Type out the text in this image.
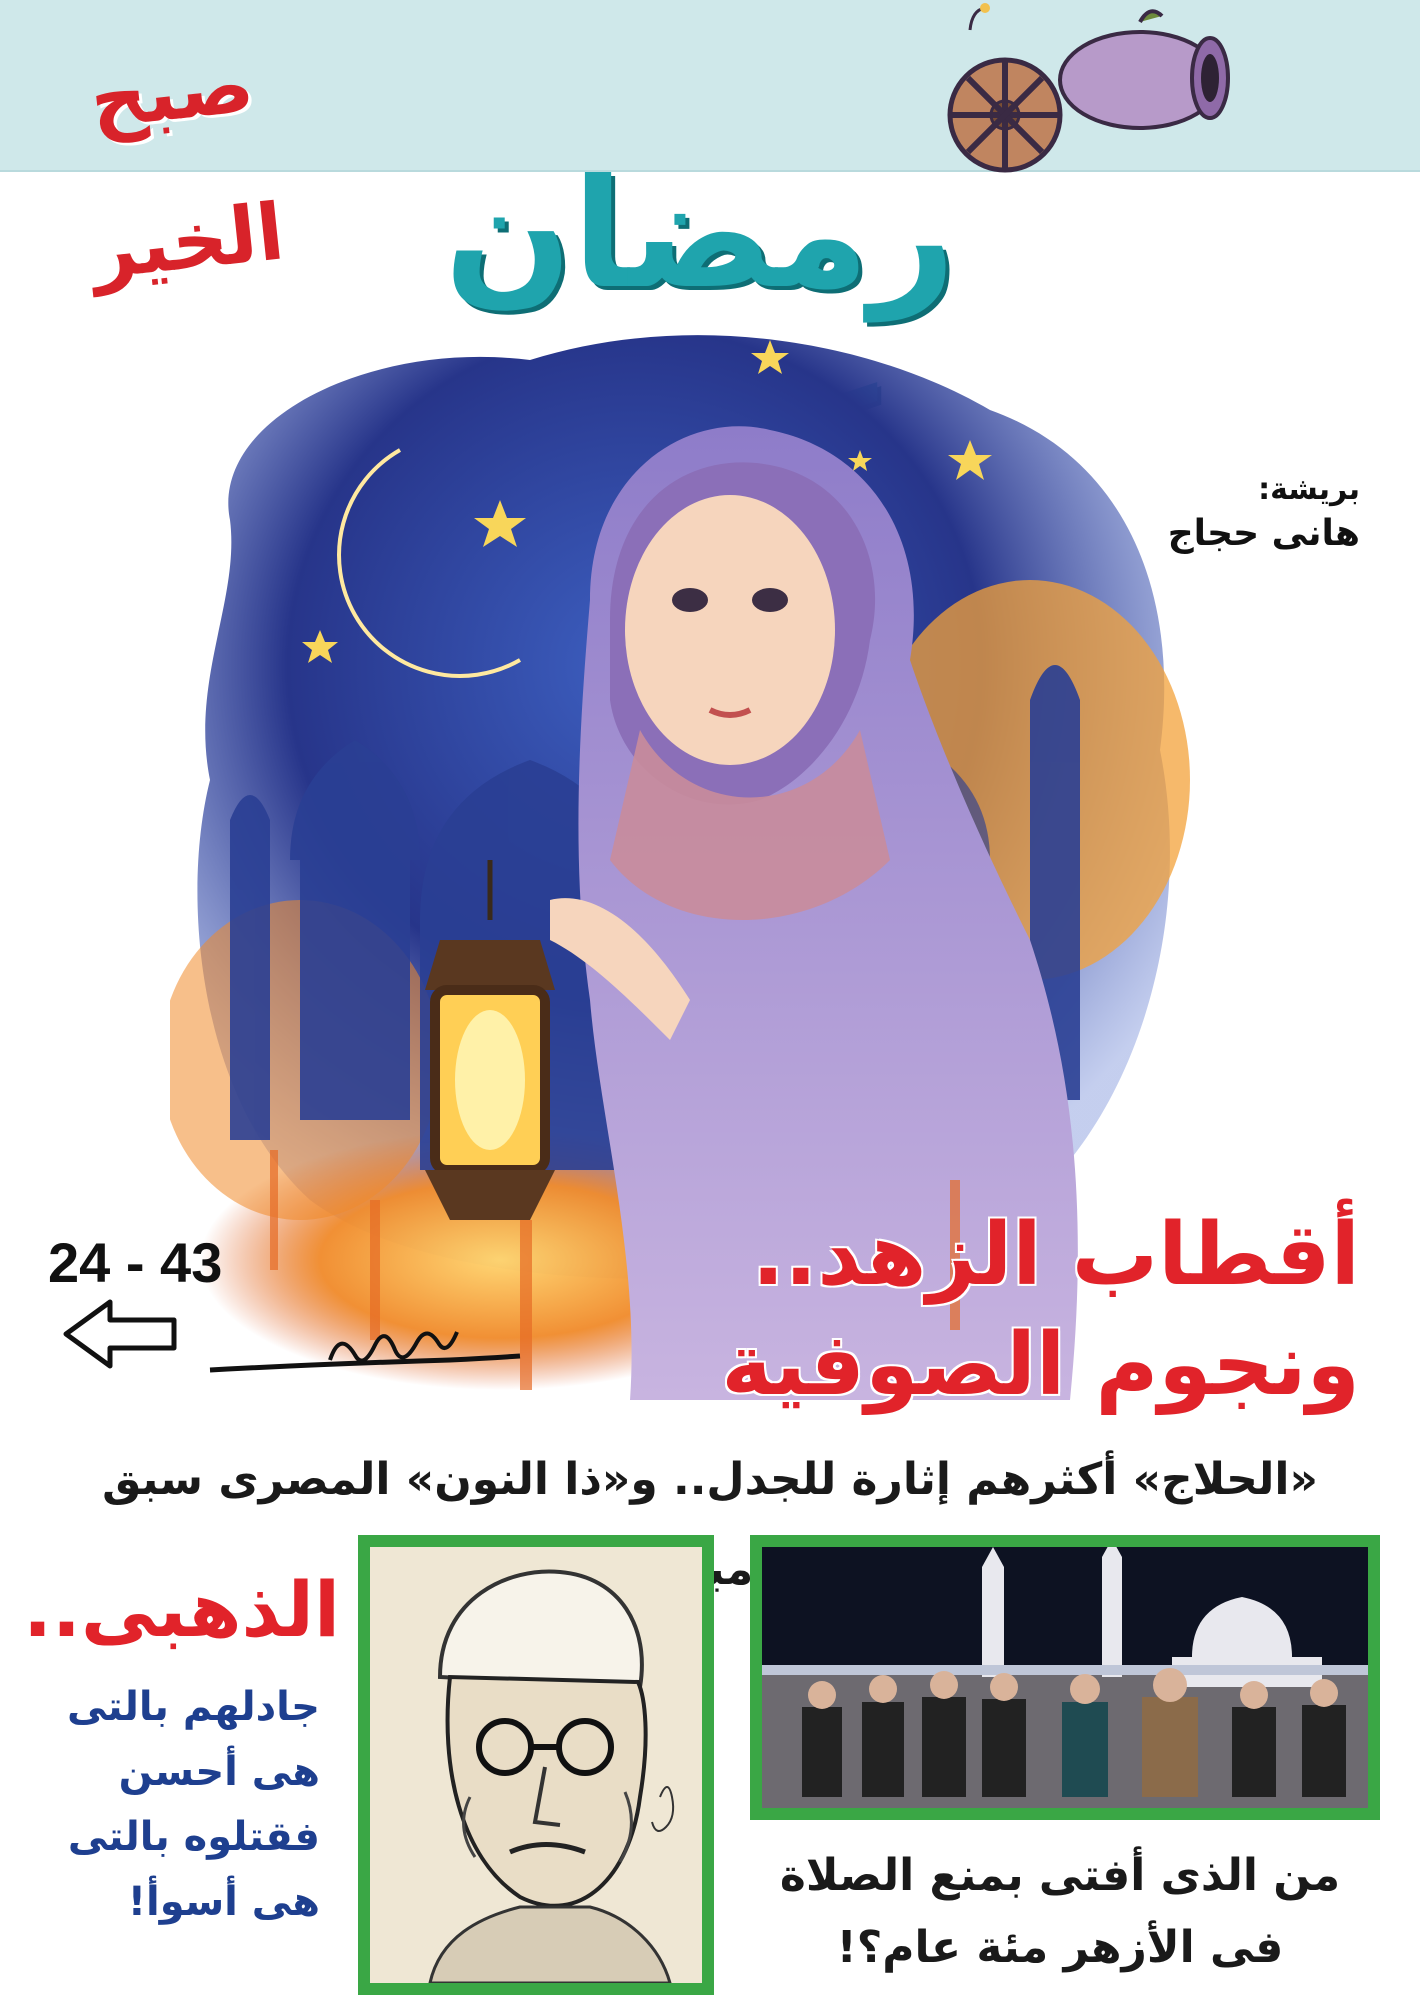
صبح الخير	رمضان
بريشة:
هانى حجاج
24 - 43	أقطاب الزهد..
ونجوم الصوفية
«الحلاج» أكثرهم إثارة للجدل.. و«ذا النون» المصرى سبق
من الذى أفتى بمنع الصلاة
فى الأزهر مئة عام؟!
الذهبى..
جادلهم بالتى
هى أحسن
فقتلوه بالتى
هى أسوأ!
